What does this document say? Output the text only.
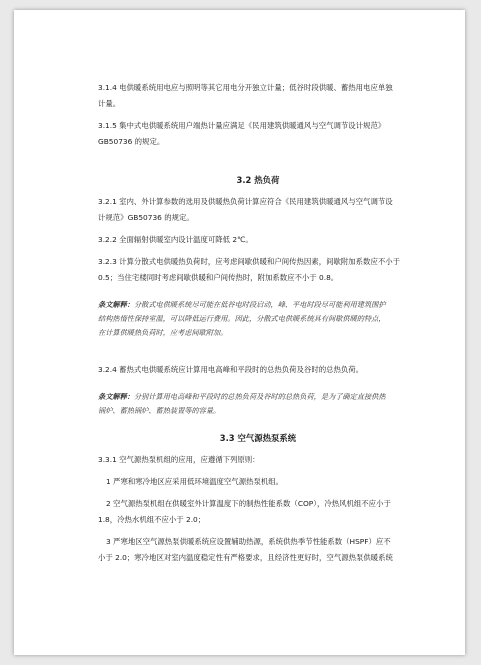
3.1.4 电供暖系统用电应与照明等其它用电分开独立计量；低谷时段供暖、蓄热用电应单独
计量。

3.1.5 集中式电供暖系统用户端热计量应满足《民用建筑供暖通风与空气调节设计规范》
GB50736 的规定。

3.2 热负荷

3.2.1 室内、外计算参数的选用及供暖热负荷计算应符合《民用建筑供暖通风与空气调节设
计规范》GB50736 的规定。

3.2.2 全面辐射供暖室内设计温度可降低 2℃。

3.2.3 计算分散式电供暖热负荷时，应考虑间歇供暖和户间传热因素，间歇附加系数应不小于
0.5；当住宅楼同时考虑间歇供暖和户间传热时，附加系数应不小于 0.8。

条文解释：分散式电供暖系统尽可能在低谷电时段启动，峰、平电时段尽可能利用建筑围护
结构热惰性保持室温，可以降低运行费用。因此，分散式电供暖系统具有间歇供暖的特点，
在计算供暖热负荷时，应考虑间歇附加。

3.2.4 蓄热式电供暖系统应计算用电高峰和平段时的总热负荷及谷时的总热负荷。

条文解释：分别计算用电高峰和平段时的总热负荷及谷时的总热负荷，是为了确定直接供热
锅炉、蓄热锅炉、蓄热装置等的容量。

3.3 空气源热泵系统

3.3.1 空气源热泵机组的应用，应遵循下列原则：

1 严寒和寒冷地区应采用低环境温度空气源热泵机组。

2 空气源热泵机组在供暖室外计算温度下的制热性能系数（COP），冷热风机组不应小于
1.8，冷热水机组不应小于 2.0；

3 严寒地区空气源热泵供暖系统应设置辅助热源，系统供热季节性能系数（HSPF）应不
小于 2.0；寒冷地区对室内温度稳定性有严格要求，且经济性更好时，空气源热泵供暖系统
